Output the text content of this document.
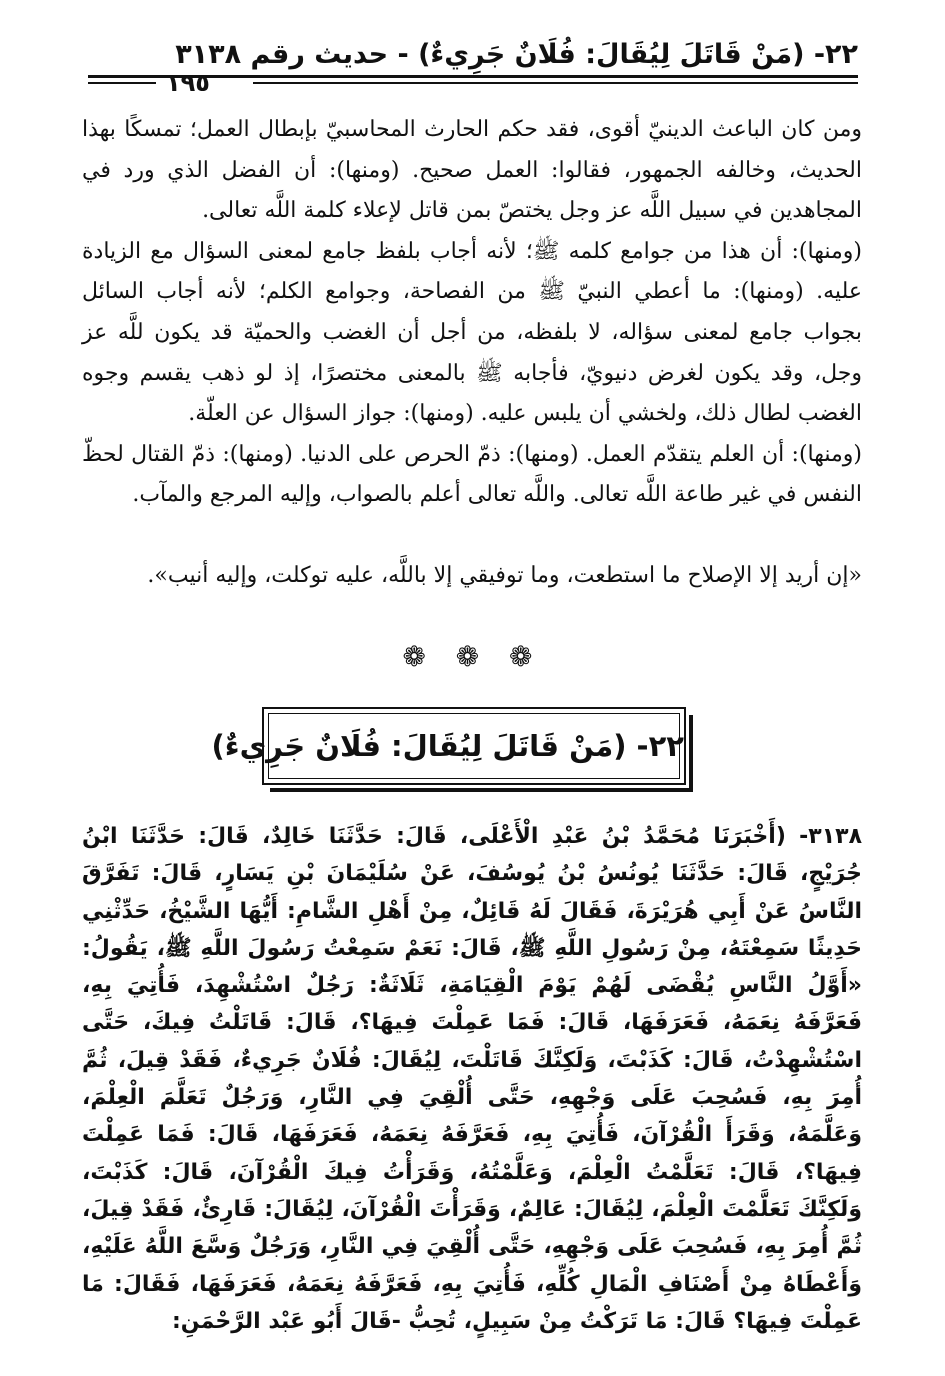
٢٢- (مَنْ قَاتَلَ لِيُقَالَ: فُلَانٌ جَرِيءٌ) - حديث رقم ٣١٣٨
١٩٥

ومن كان الباعث الدينيّ أقوى، فقد حكم الحارث المحاسبيّ بإبطال العمل؛ تمسكًا بهذا الحديث، وخالفه الجمهور، فقالوا: العمل صحيح. (ومنها): أن الفضل الذي ورد في المجاهدين في سبيل اللَّه عز وجل يختصّ بمن قاتل لإعلاء كلمة اللَّه تعالى.

(ومنها): أن هذا من جوامع كلمه ﷺ؛ لأنه أجاب بلفظ جامع لمعنى السؤال مع الزيادة عليه. (ومنها): ما أعطي النبيّ ﷺ من الفصاحة، وجوامع الكلم؛ لأنه أجاب السائل بجواب جامع لمعنى سؤاله، لا بلفظه، من أجل أن الغضب والحميّة قد يكون للَّه عز وجل، وقد يكون لغرض دنيويّ، فأجابه ﷺ بالمعنى مختصرًا، إذ لو ذهب يقسم وجوه الغضب لطال ذلك، ولخشي أن يلبس عليه. (ومنها): جواز السؤال عن العلّة.

(ومنها): أن العلم يتقدّم العمل. (ومنها): ذمّ الحرص على الدنيا. (ومنها): ذمّ القتال لحظّ النفس في غير طاعة اللَّه تعالى. واللَّه تعالى أعلم بالصواب، وإليه المرجع والمآب.

«إن أريد إلا الإصلاح ما استطعت، وما توفيقي إلا باللَّه، عليه توكلت، وإليه أنيب».

❁ ❁ ❁
٢٢- (مَنْ قَاتَلَ لِيُقَالَ: فُلَانٌ جَرِيءٌ)

٣١٣٨- (أَخْبَرَنَا مُحَمَّدُ بْنُ عَبْدِ الْأَعْلَى، قَالَ: حَدَّثَنَا خَالِدٌ، قَالَ: حَدَّثَنَا ابْنُ جُرَيْجٍ، قَالَ: حَدَّثَنَا يُونُسُ بْنُ يُوسُفَ، عَنْ سُلَيْمَانَ بْنِ يَسَارٍ، قَالَ: تَفَرَّقَ النَّاسُ عَنْ أَبِي هُرَيْرَةَ، فَقَالَ لَهُ قَائِلٌ، مِنْ أَهْلِ الشَّامِ: أَيُّهَا الشَّيْخُ، حَدِّثْنِي حَدِيثًا سَمِعْتَهُ، مِنْ رَسُولِ اللَّهِ ﷺ، قَالَ: نَعَمْ سَمِعْتُ رَسُولَ اللَّهِ ﷺ، يَقُولُ: «أَوَّلُ النَّاسِ يُقْضَى لَهُمْ يَوْمَ الْقِيَامَةِ، ثَلَاثَةٌ: رَجُلٌ اسْتُشْهِدَ، فَأُتِيَ بِهِ، فَعَرَّفَهُ نِعَمَهُ، فَعَرَفَهَا، قَالَ: فَمَا عَمِلْتَ فِيهَا؟، قَالَ: قَاتَلْتُ فِيكَ، حَتَّى اسْتُشْهِدْتُ، قَالَ: كَذَبْتَ، وَلَكِنَّكَ قَاتَلْتَ، لِيُقَالَ: فُلَانٌ جَرِيءٌ، فَقَدْ قِيلَ، ثُمَّ أُمِرَ بِهِ، فَسُحِبَ عَلَى وَجْهِهِ، حَتَّى أُلْقِيَ فِي النَّارِ، وَرَجُلٌ تَعَلَّمَ الْعِلْمَ، وَعَلَّمَهُ، وَقَرَأَ الْقُرْآنَ، فَأُتِيَ بِهِ، فَعَرَّفَهُ نِعَمَهُ، فَعَرَفَهَا، قَالَ: فَمَا عَمِلْتَ فِيهَا؟، قَالَ: تَعَلَّمْتُ الْعِلْمَ، وَعَلَّمْتُهُ، وَقَرَأْتُ فِيكَ الْقُرْآنَ، قَالَ: كَذَبْتَ، وَلَكِنَّكَ تَعَلَّمْتَ الْعِلْمَ، لِيُقَالَ: عَالِمٌ، وَقَرَأْتَ الْقُرْآنَ، لِيُقَالَ: قَارِئٌ، فَقَدْ قِيلَ، ثُمَّ أُمِرَ بِهِ، فَسُحِبَ عَلَى وَجْهِهِ، حَتَّى أُلْقِيَ فِي النَّارِ، وَرَجُلٌ وَسَّعَ اللَّهُ عَلَيْهِ، وَأَعْطَاهُ مِنْ أَصْنَافِ الْمَالِ كُلِّهِ، فَأُتِيَ بِهِ، فَعَرَّفَهُ نِعَمَهُ، فَعَرَفَهَا، فَقَالَ: مَا عَمِلْتَ فِيهَا؟ قَالَ: مَا تَرَكْتُ مِنْ سَبِيلٍ، تُحِبُّ -قَالَ أَبُو عَبْد الرَّحْمَنِ:
